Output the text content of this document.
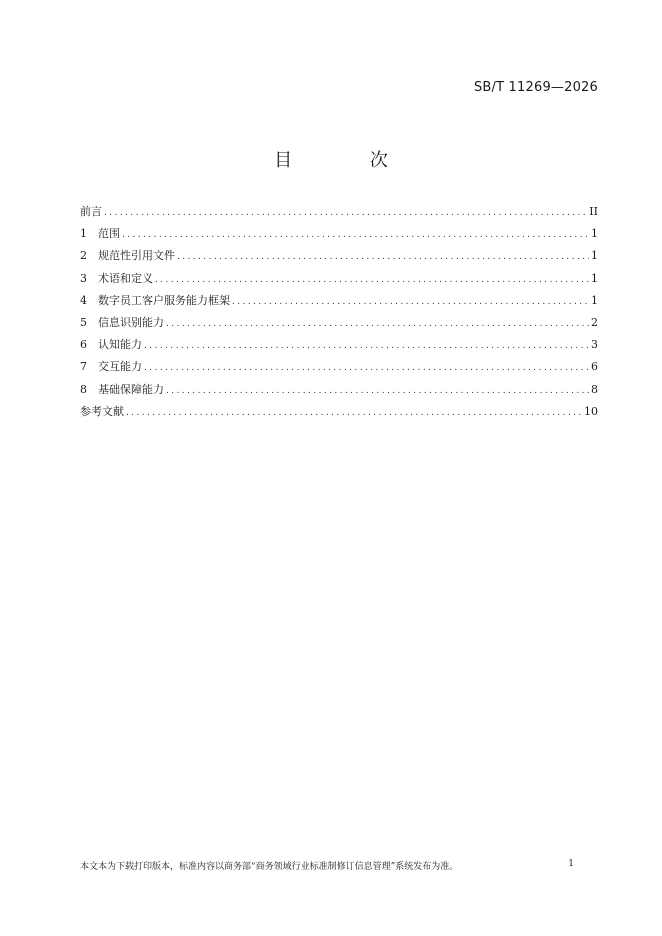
SB/T 11269—2026
目 次
前言 .....	II
1	范围 .....	1
2	规范性引用文件 .....	1
3	术语和定义 .....	1
4	数字员工客户服务能力框架 .....	1
5	信息识别能力 .....	2
6	认知能力 .....	3
7	交互能力 .....	6
8	基础保障能力 .....	8
参考文献 .....	10
本文本为下载打印版本，标准内容以商务部“商务领域行业标准制修订信息管理”系统发布为准。	1
